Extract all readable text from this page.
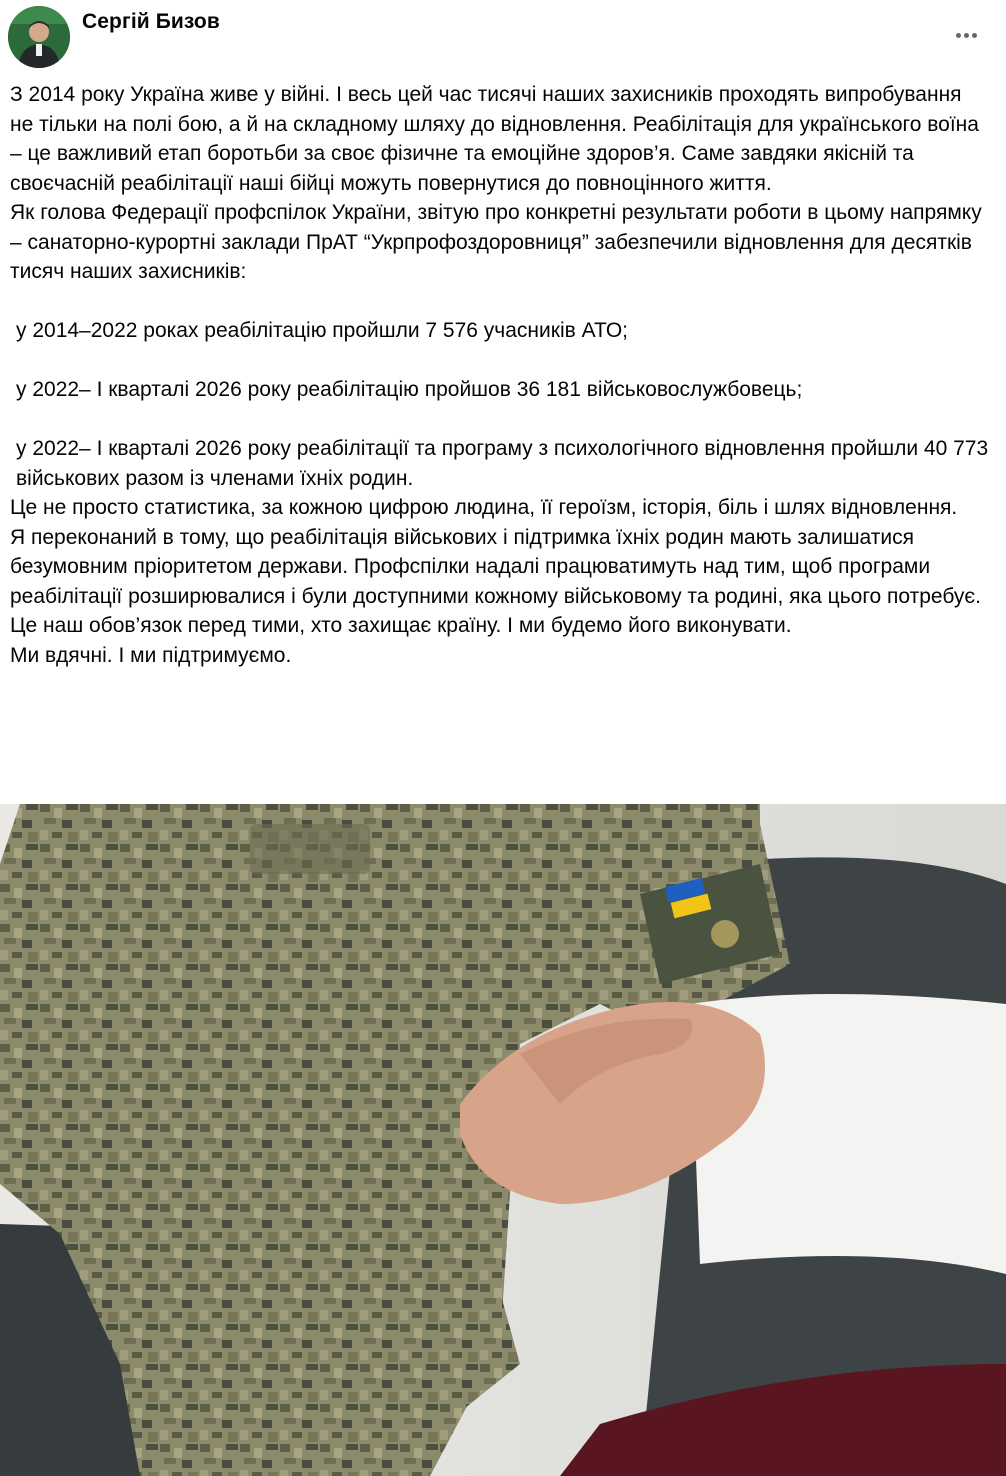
Сергій Бизов

З 2014 року Україна живе у війні. І весь цей час тисячі наших захисників проходять випробування не тільки на полі бою, а й на складному шляху до відновлення. Реабілітація для українського воїна – це важливий етап боротьби за своє фізичне та емоційне здоров’я. Саме завдяки якісній та своєчасній реабілітації наші бійці можуть повернутися до повноцінного життя.

Як голова Федерації профспілок України, звітую про конкретні результати роботи в цьому напрямку – санаторно-курортні заклади ПрАТ “Укрпрофоздоровниця” забезпечили відновлення для десятків тисяч наших захисників:

у 2014–2022 роках реабілітацію пройшли 7 576 учасників АТО;

у 2022– І кварталі 2026 року реабілітацію пройшов 36 181 військовослужбовець;

у 2022– І кварталі 2026 року реабілітації та програму з психологічного відновлення пройшли 40 773 військових разом із членами їхніх родин.

Це не просто статистика, за кожною цифрою людина, її героїзм, історія, біль і шлях відновлення.

Я переконаний в тому, що реабілітація військових і підтримка їхніх родин мають залишатися безумовним пріоритетом держави. Профспілки надалі працюватимуть над тим, щоб програми реабілітації розширювалися і були доступними кожному військовому та родині, яка цього потребує.

Це наш обов’язок перед тими, хто захищає країну. І ми будемо його виконувати.

Ми вдячні. І ми підтримуємо.
